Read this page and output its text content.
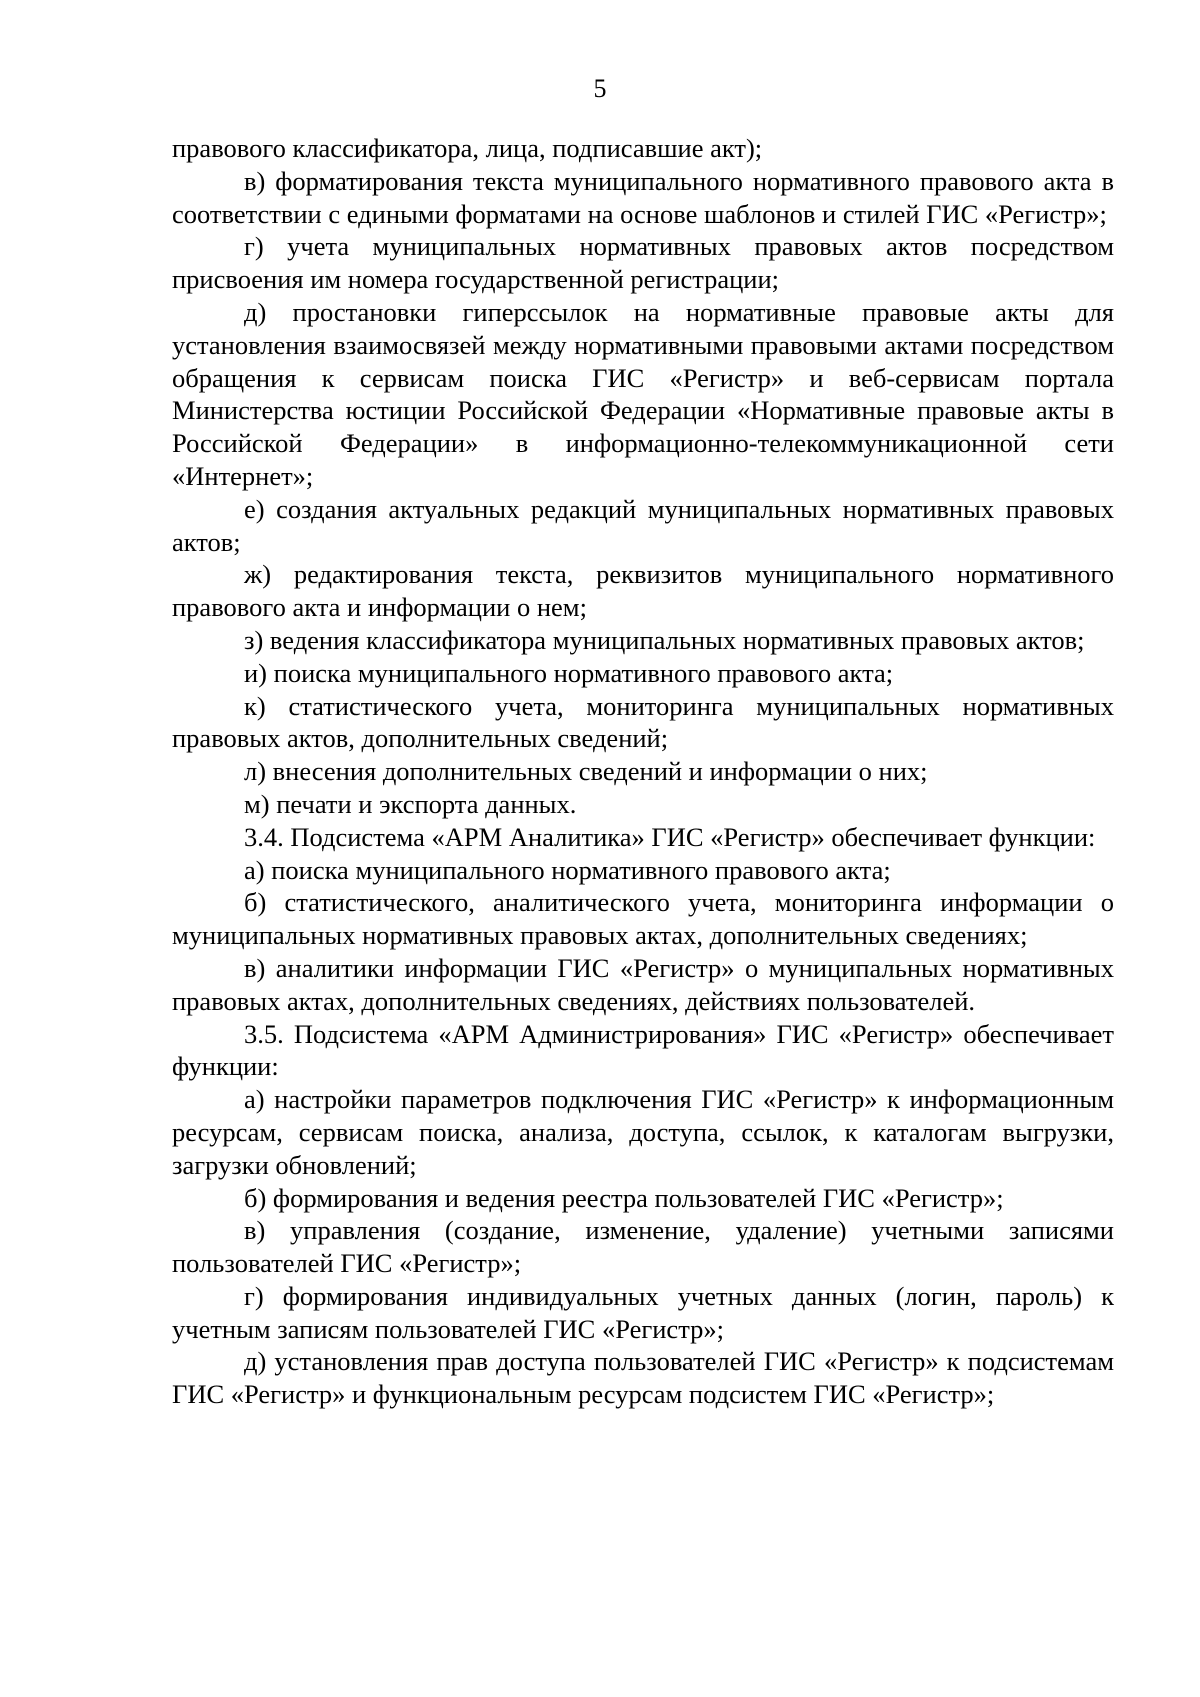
5

правового классификатора, лица, подписавшие акт);

в) форматирования текста муниципального нормативного правового акта в соответствии с едиными форматами на основе шаблонов и стилей ГИС «Регистр»;

г) учета муниципальных нормативных правовых актов посредством присвоения им номера государственной регистрации;

д) простановки гиперссылок на нормативные правовые акты для установления взаимосвязей между нормативными правовыми актами посредством обращения к сервисам поиска ГИС «Регистр» и веб-сервисам портала Министерства юстиции Российской Федерации «Нормативные правовые акты в Российской Федерации» в информационно-телекоммуникационной сети «Интернет»;

е) создания актуальных редакций муниципальных нормативных правовых актов;

ж) редактирования текста, реквизитов муниципального нормативного правового акта и информации о нем;

з) ведения классификатора муниципальных нормативных правовых актов;

и) поиска муниципального нормативного правового акта;

к) статистического учета, мониторинга муниципальных нормативных правовых актов, дополнительных сведений;

л) внесения дополнительных сведений и информации о них;

м) печати и экспорта данных.

3.4. Подсистема «АРМ Аналитика» ГИС «Регистр» обеспечивает функции:

а) поиска муниципального нормативного правового акта;

б) статистического, аналитического учета, мониторинга информации о муниципальных нормативных правовых актах, дополнительных сведениях;

в) аналитики информации ГИС «Регистр» о муниципальных нормативных правовых актах, дополнительных сведениях, действиях пользователей.

3.5. Подсистема «АРМ Администрирования» ГИС «Регистр» обеспечивает функции:

а) настройки параметров подключения ГИС «Регистр» к информационным ресурсам, сервисам поиска, анализа, доступа, ссылок, к каталогам выгрузки, загрузки обновлений;

б) формирования и ведения реестра пользователей ГИС «Регистр»;

в) управления (создание, изменение, удаление) учетными записями пользователей ГИС «Регистр»;

г) формирования индивидуальных учетных данных (логин, пароль) к учетным записям пользователей ГИС «Регистр»;

д) установления прав доступа пользователей ГИС «Регистр» к подсистемам ГИС «Регистр» и функциональным ресурсам подсистем ГИС «Регистр»;
